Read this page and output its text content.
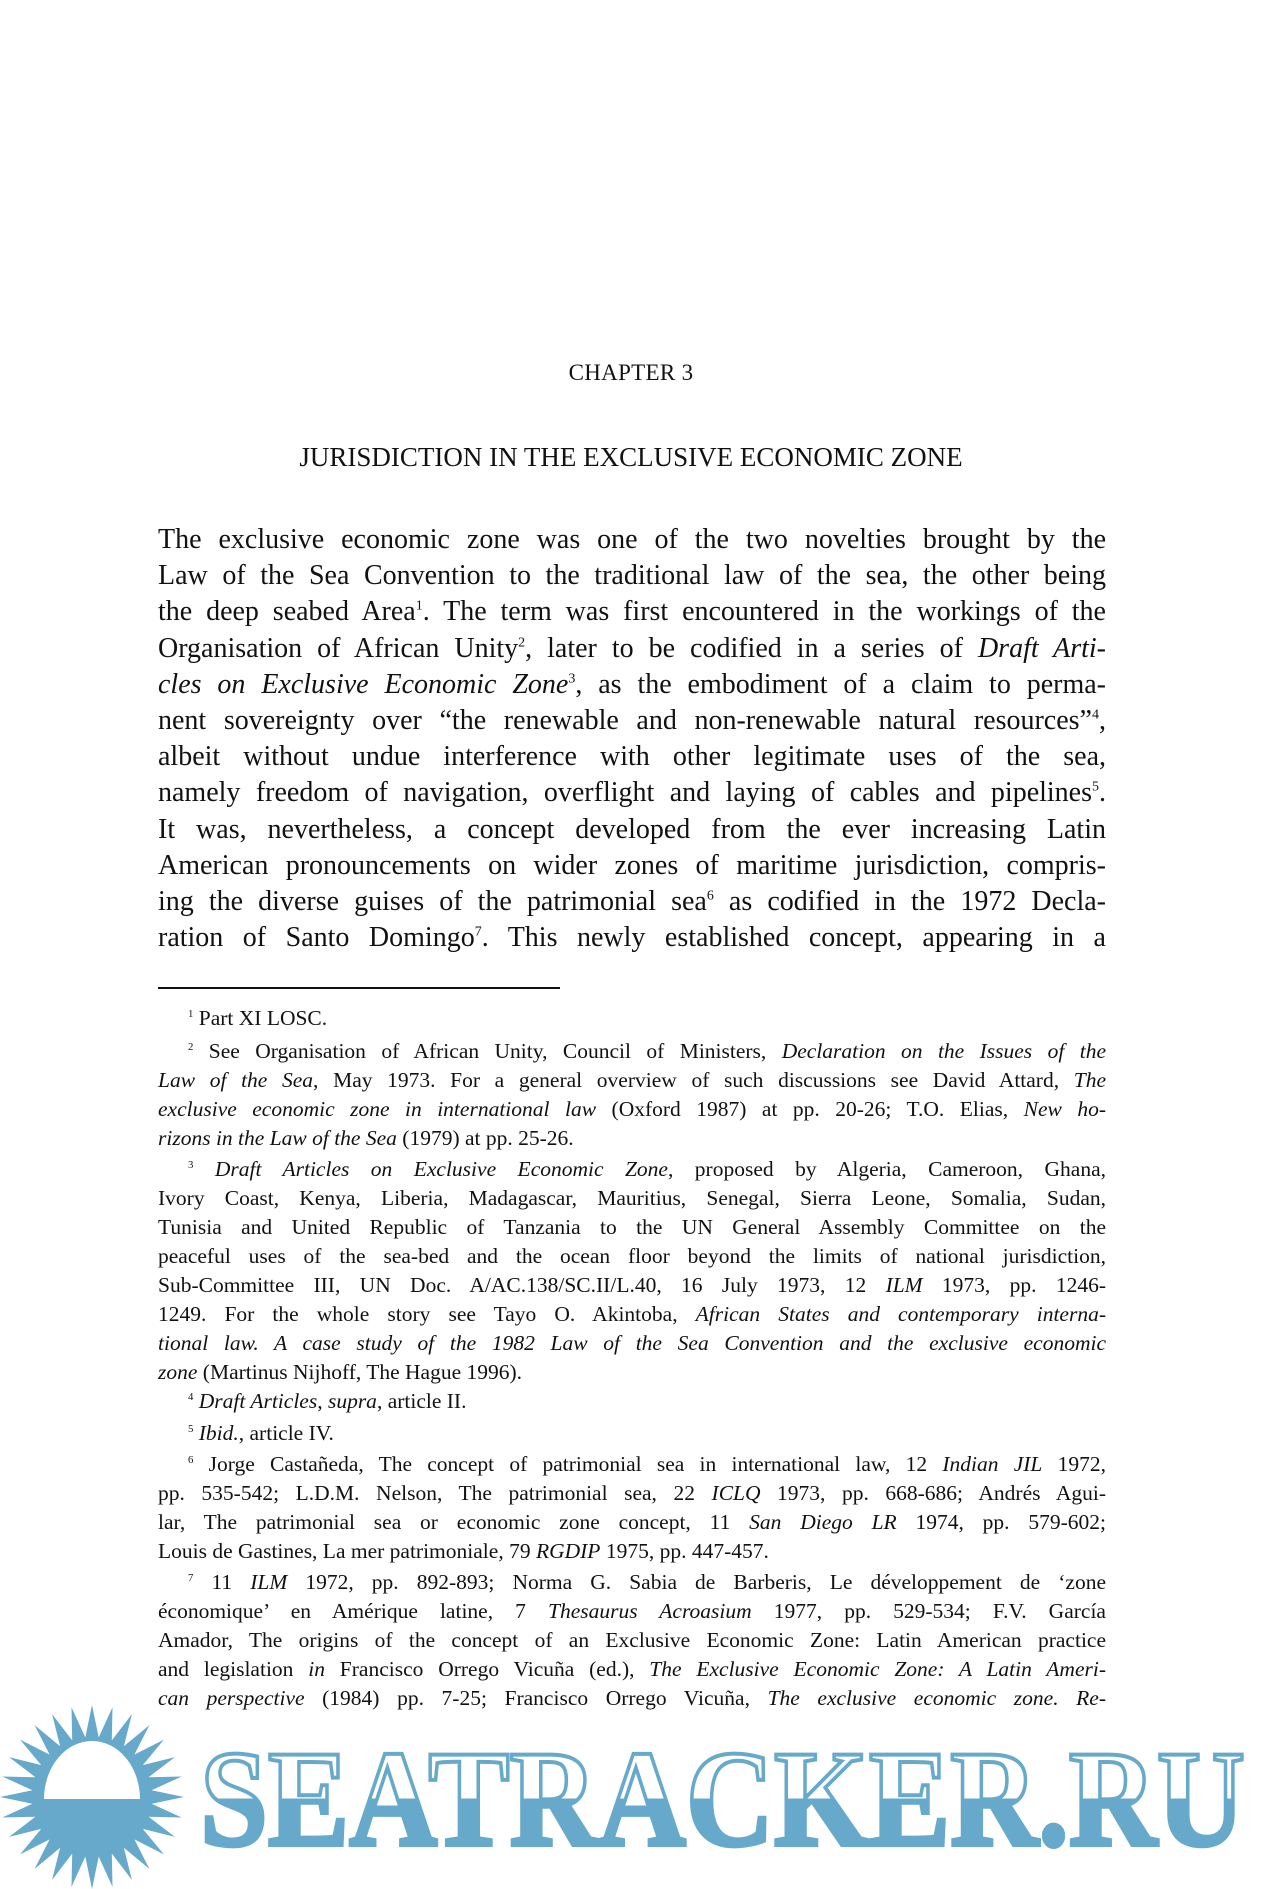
CHAPTER 3
JURISDICTION IN THE EXCLUSIVE ECONOMIC ZONE
The exclusive economic zone was one of the two novelties brought by the
Law of the Sea Convention to the traditional law of the sea, the other being
the deep seabed Area$^1$. The term was first encountered in the workings of the
Organisation of African Unity$^2$, later to be codified in a series of Draft Arti-
cles on Exclusive Economic Zone$^3$, as the embodiment of a claim to perma-
nent sovereignty over “the renewable and non-renewable natural resources”$^4$,
albeit without undue interference with other legitimate uses of the sea,
namely freedom of navigation, overflight and laying of cables and pipelines$^5$.
It was, nevertheless, a concept developed from the ever increasing Latin
American pronouncements on wider zones of maritime jurisdiction, compris-
ing the diverse guises of the patrimonial sea$^6$ as codified in the 1972 Decla-
ration of Santo Domingo$^7$. This newly established concept, appearing in a
$^1$ Part XI LOSC.
$^2$ See Organisation of African Unity, Council of Ministers, Declaration on the Issues of the
Law of the Sea, May 1973. For a general overview of such discussions see David Attard, The
exclusive economic zone in international law (Oxford 1987) at pp. 20-26; T.O. Elias, New ho-
rizons in the Law of the Sea (1979) at pp. 25-26.
$^3$ Draft Articles on Exclusive Economic Zone, proposed by Algeria, Cameroon, Ghana,
Ivory Coast, Kenya, Liberia, Madagascar, Mauritius, Senegal, Sierra Leone, Somalia, Sudan,
Tunisia and United Republic of Tanzania to the UN General Assembly Committee on the
peaceful uses of the sea-bed and the ocean floor beyond the limits of national jurisdiction,
Sub-Committee III, UN Doc. A/AC.138/SC.II/L.40, 16 July 1973, 12 ILM 1973, pp. 1246-
1249. For the whole story see Tayo O. Akintoba, African States and contemporary interna-
tional law. A case study of the 1982 Law of the Sea Convention and the exclusive economic
zone (Martinus Nijhoff, The Hague 1996).
$^4$ Draft Articles, supra, article II.
$^5$ Ibid., article IV.
$^6$ Jorge Castañeda, The concept of patrimonial sea in international law, 12 Indian JIL 1972,
pp. 535-542; L.D.M. Nelson, The patrimonial sea, 22 ICLQ 1973, pp. 668-686; Andrés Agui-
lar, The patrimonial sea or economic zone concept, 11 San Diego LR 1974, pp. 579-602;
Louis de Gastines, La mer patrimoniale, 79 RGDIP 1975, pp. 447-457.
$^7$ 11 ILM 1972, pp. 892-893; Norma G. Sabia de Barberis, Le développement de ‘zone
économique’ en Amérique latine, 7 Thesaurus Acroasium 1977, pp. 529-534; F.V. García
Amador, The origins of the concept of an Exclusive Economic Zone: Latin American practice
and legislation in Francisco Orrego Vicuña (ed.), The Exclusive Economic Zone: A Latin Ameri-
can perspective (1984) pp. 7-25; Francisco Orrego Vicuña, The exclusive economic zone. Re-
SEATRACKER.RU
